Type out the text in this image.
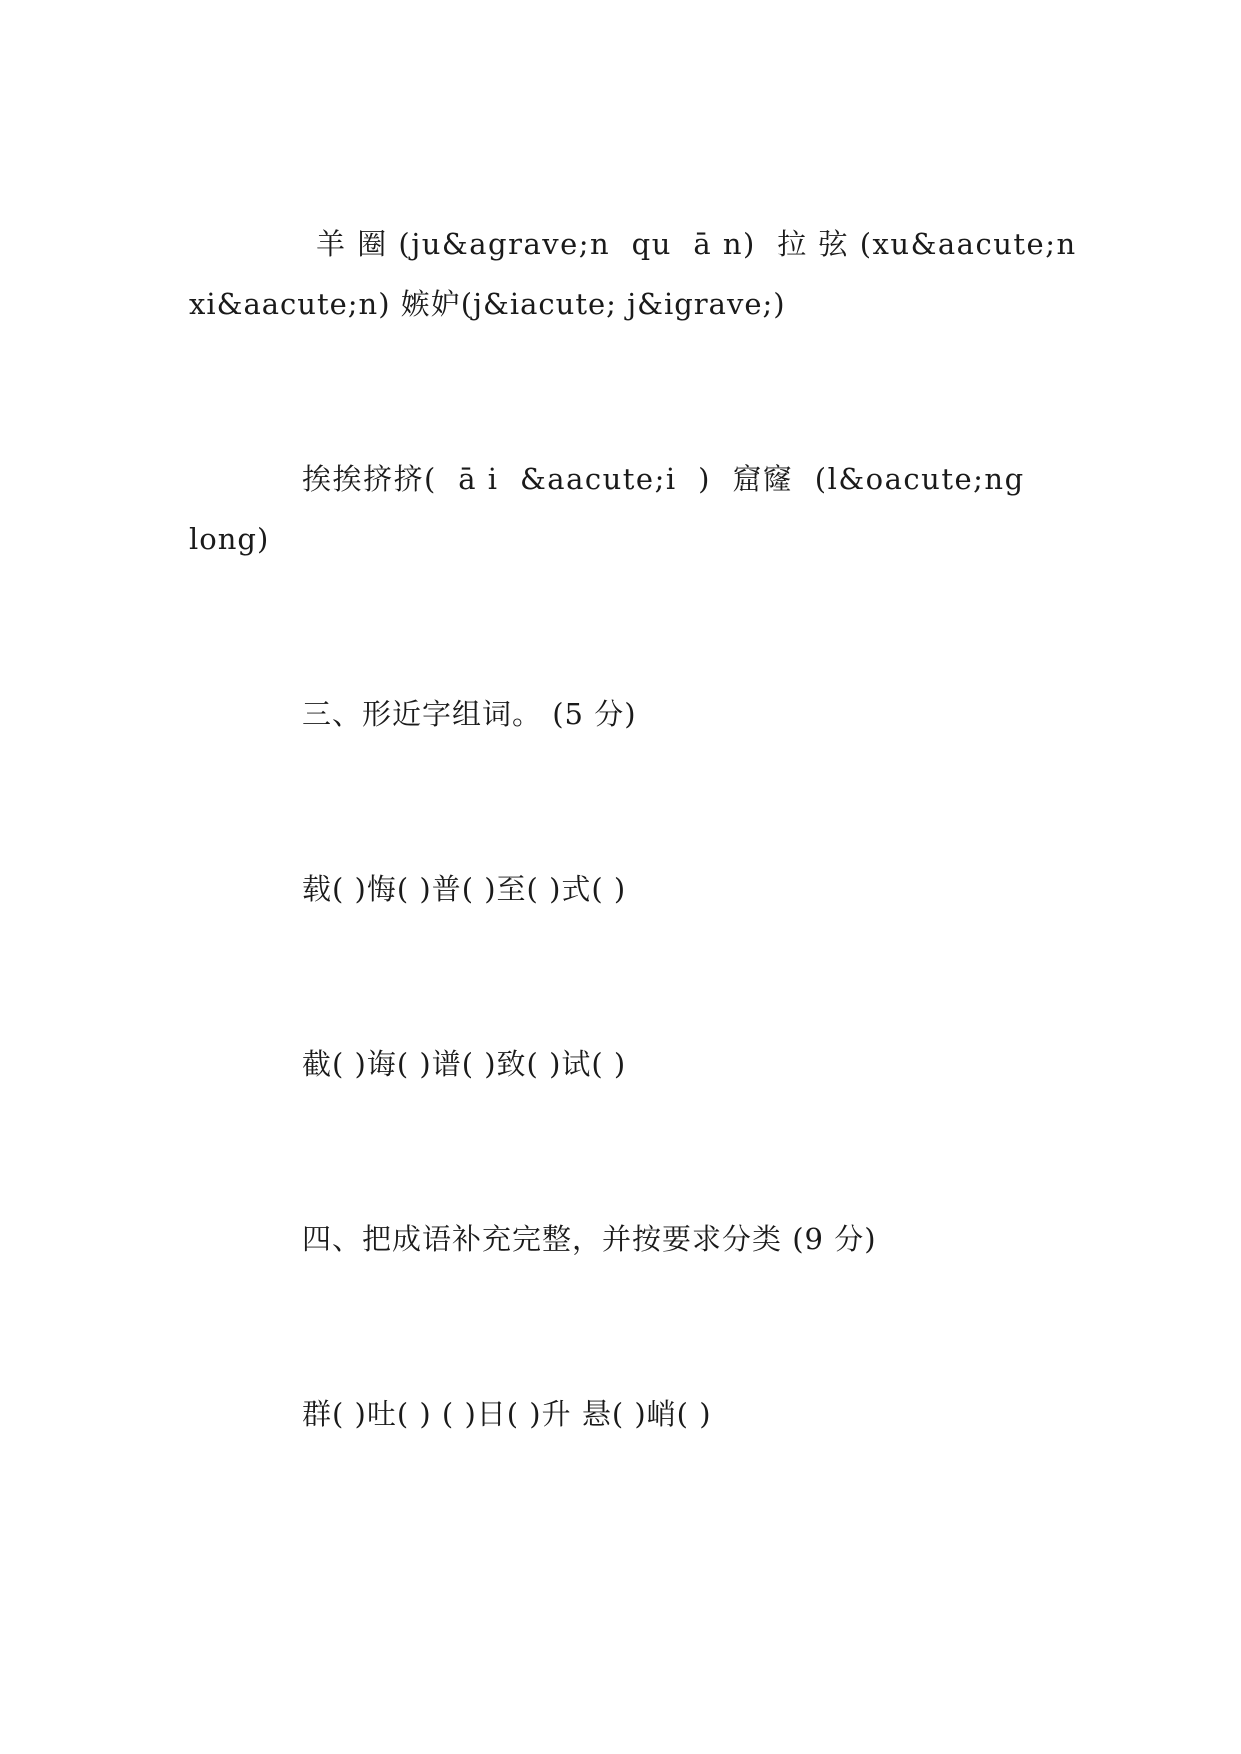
羊 圈 (ju&agrave;n  qu  ā n)  拉 弦 (xu&aacute;n
xi&aacute;n) 嫉妒(j&iacute; j&igrave;)
挨挨挤挤(  ā i  &aacute;i  )  窟窿  (l&oacute;ng
long)
三、形近字组词。 (5 分)
载( )悔( )普( )至( )式( )
截( )诲( )谱( )致( )试( )
四、把成语补充完整，并按要求分类 (9 分)
群( )吐( ) ( )日( )升 悬( )峭( )
